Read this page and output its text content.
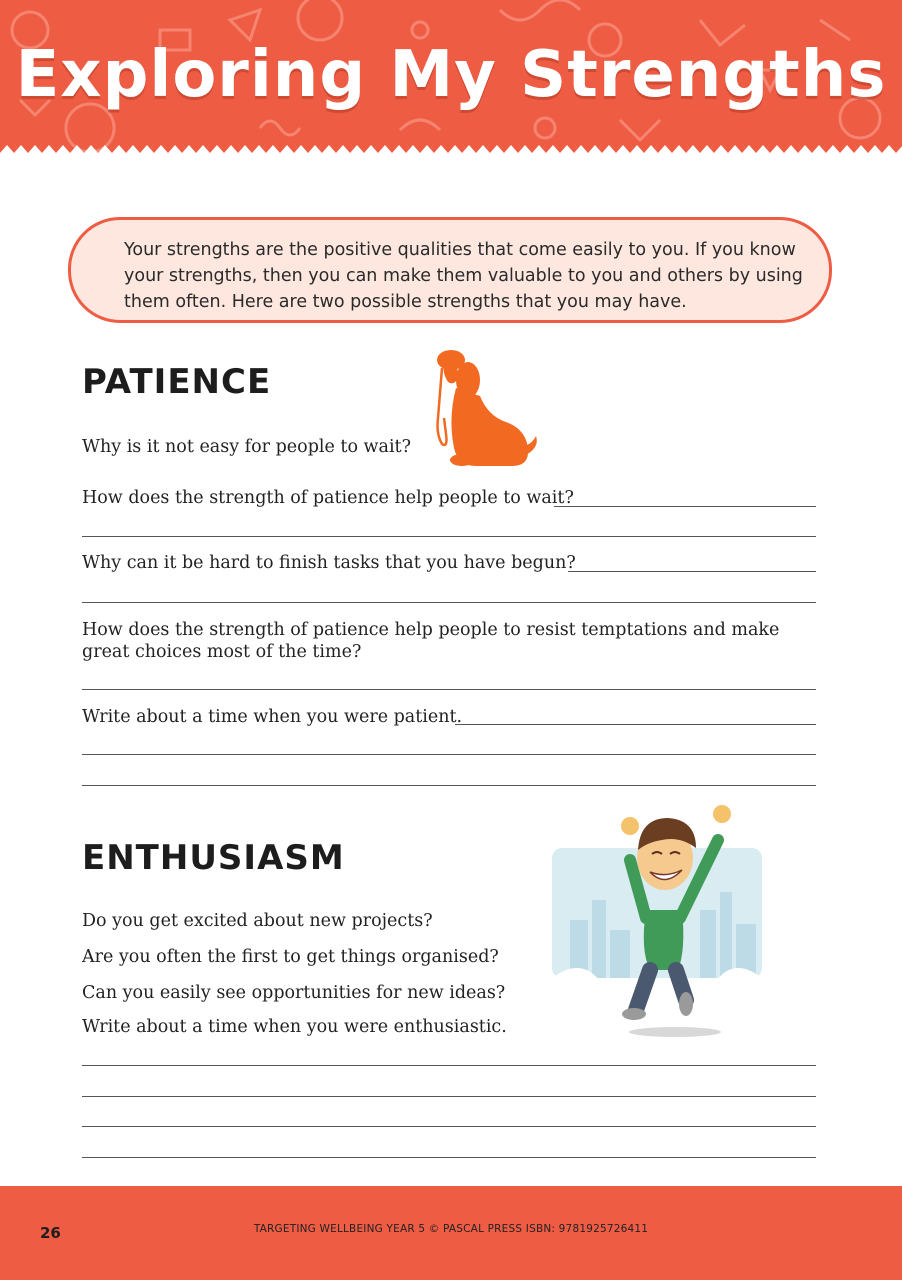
Exploring My Strengths

Your strengths are the positive qualities that come easily to you. If you know your strengths, then you can make them valuable to you and others by using them often. Here are two possible strengths that you may have.

PATIENCE
Why is it not easy for people to wait?
How does the strength of patience help people to wait?
Why can it be hard to finish tasks that you have begun?
How does the strength of patience help people to resist temptations and make great choices most of the time?
Write about a time when you were patient.
ENTHUSIASM
Do you get excited about new projects?
Are you often the first to get things organised?
Can you easily see opportunities for new ideas?
Write about a time when you were enthusiastic.
26	TARGETING WELLBEING YEAR 5 © PASCAL PRESS ISBN: 9781925726411
